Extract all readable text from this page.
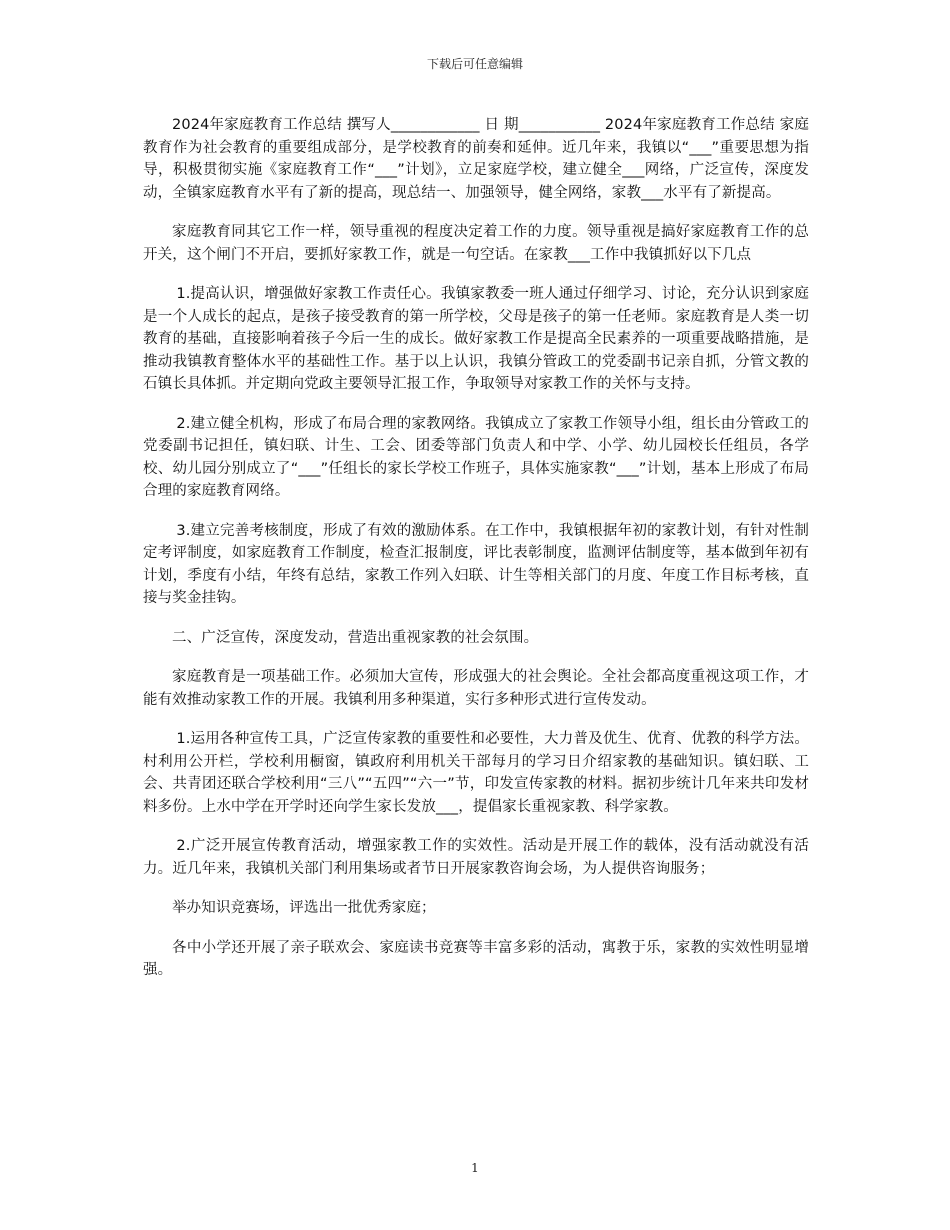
下载后可任意编辑

2024年家庭教育工作总结 撰写人____________ 日 期___________ 2024年家庭教育工作总结 家庭教育作为社会教育的重要组成部分，是学校教育的前奏和延伸。近几年来，我镇以“___”重要思想为指导，积极贯彻实施《家庭教育工作“___”计划》，立足家庭学校，建立健全___网络，广泛宣传，深度发动，全镇家庭教育水平有了新的提高，现总结一、加强领导，健全网络，家教___水平有了新提高。

家庭教育同其它工作一样，领导重视的程度决定着工作的力度。领导重视是搞好家庭教育工作的总开关，这个闸门不开启，要抓好家教工作，就是一句空话。在家教___工作中我镇抓好以下几点

1.提高认识，增强做好家教工作责任心。我镇家教委一班人通过仔细学习、讨论，充分认识到家庭是一个人成长的起点，是孩子接受教育的第一所学校，父母是孩子的第一任老师。家庭教育是人类一切教育的基础，直接影响着孩子今后一生的成长。做好家教工作是提高全民素养的一项重要战略措施，是推动我镇教育整体水平的基础性工作。基于以上认识，我镇分管政工的党委副书记亲自抓，分管文教的石镇长具体抓。并定期向党政主要领导汇报工作，争取领导对家教工作的关怀与支持。

2.建立健全机构，形成了布局合理的家教网络。我镇成立了家教工作领导小组，组长由分管政工的党委副书记担任，镇妇联、计生、工会、团委等部门负责人和中学、小学、幼儿园校长任组员，各学校、幼儿园分别成立了“___”任组长的家长学校工作班子，具体实施家教“___”计划，基本上形成了布局合理的家庭教育网络。

3.建立完善考核制度，形成了有效的激励体系。在工作中，我镇根据年初的家教计划，有针对性制定考评制度，如家庭教育工作制度，检查汇报制度，评比表彰制度，监测评估制度等，基本做到年初有计划，季度有小结，年终有总结，家教工作列入妇联、计生等相关部门的月度、年度工作目标考核，直接与奖金挂钩。

二、广泛宣传，深度发动，营造出重视家教的社会氛围。

家庭教育是一项基础工作。必须加大宣传，形成强大的社会舆论。全社会都高度重视这项工作，才能有效推动家教工作的开展。我镇利用多种渠道，实行多种形式进行宣传发动。

1.运用各种宣传工具，广泛宣传家教的重要性和必要性，大力普及优生、优育、优教的科学方法。村利用公开栏，学校利用橱窗，镇政府利用机关干部每月的学习日介绍家教的基础知识。镇妇联、工会、共青团还联合学校利用“三八”“五四”“六一”节，印发宣传家教的材料。据初步统计几年来共印发材料多份。上水中学在开学时还向学生家长发放___，提倡家长重视家教、科学家教。

2.广泛开展宣传教育活动，增强家教工作的实效性。活动是开展工作的载体，没有活动就没有活力。近几年来，我镇机关部门利用集场或者节日开展家教咨询会场，为人提供咨询服务；

举办知识竞赛场，评选出一批优秀家庭；

各中小学还开展了亲子联欢会、家庭读书竞赛等丰富多彩的活动，寓教于乐，家教的实效性明显增强。

1
